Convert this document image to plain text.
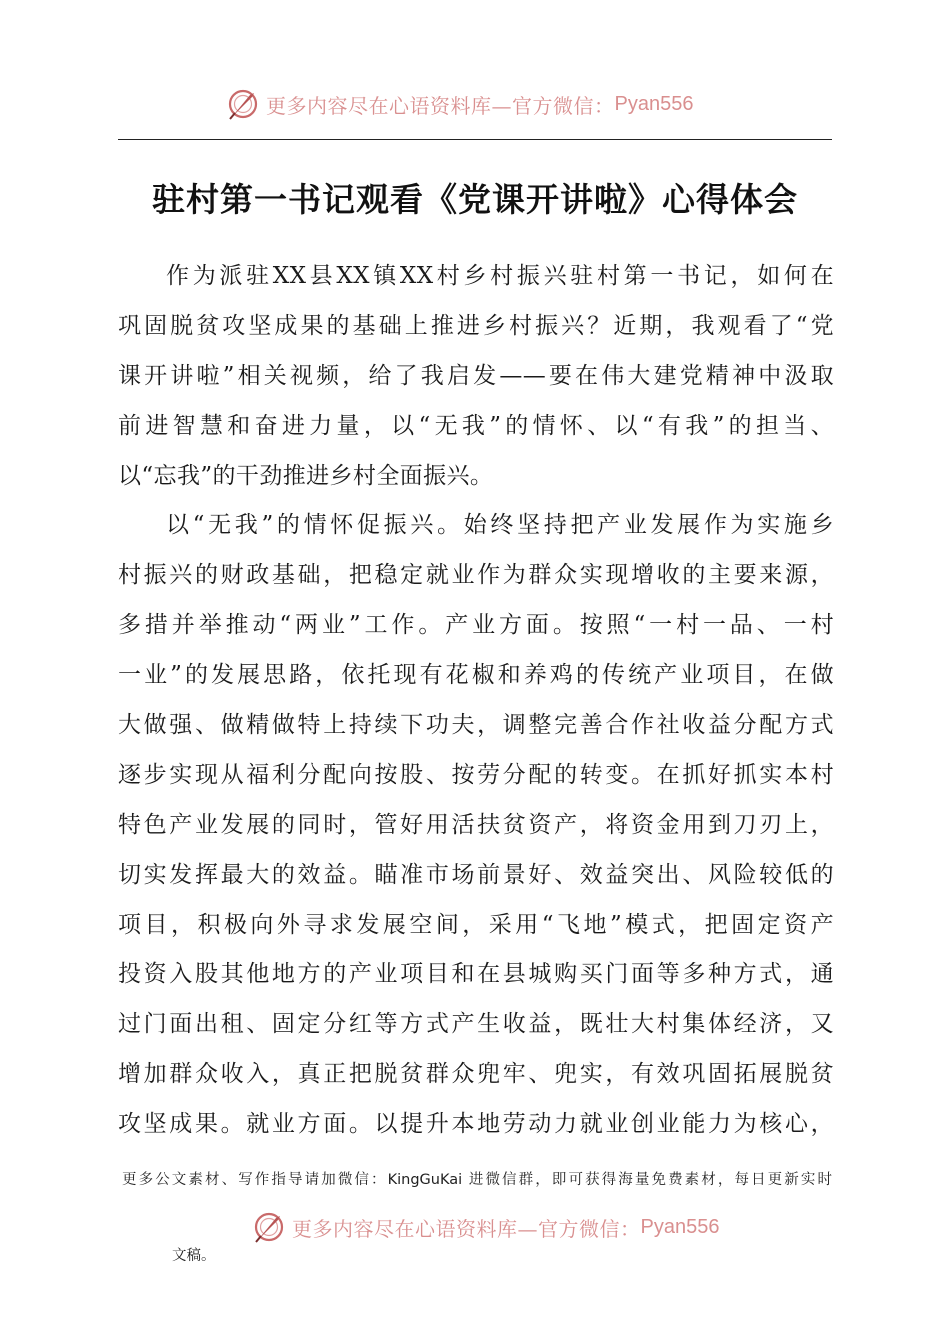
更多内容尽在心语资料库—官方微信： Pyan556
驻村第一书记观看《党课开讲啦》心得体会
作为派驻XX县XX镇XX村乡村振兴驻村第一书记，如何在
巩固脱贫攻坚成果的基础上推进乡村振兴？近期，我观看了“党
课开讲啦”相关视频，给了我启发——要在伟大建党精神中汲取
前进智慧和奋进力量，以“无我”的情怀、以“有我”的担当、
以“忘我”的干劲推进乡村全面振兴。
以“无我”的情怀促振兴。始终坚持把产业发展作为实施乡
村振兴的财政基础，把稳定就业作为群众实现增收的主要来源，
多措并举推动“两业”工作。产业方面。按照“一村一品、一村
一业”的发展思路，依托现有花椒和养鸡的传统产业项目，在做
大做强、做精做特上持续下功夫，调整完善合作社收益分配方式
逐步实现从福利分配向按股、按劳分配的转变。在抓好抓实本村
特色产业发展的同时，管好用活扶贫资产，将资金用到刀刃上，
切实发挥最大的效益。瞄准市场前景好、效益突出、风险较低的
项目，积极向外寻求发展空间，采用“飞地”模式，把固定资产
投资入股其他地方的产业项目和在县城购买门面等多种方式，通
过门面出租、固定分红等方式产生收益，既壮大村集体经济，又
增加群众收入，真正把脱贫群众兜牢、兜实，有效巩固拓展脱贫
攻坚成果。就业方面。以提升本地劳动力就业创业能力为核心，
更多公文素材、写作指导请加微信：KingGuKai 进微信群，即可获得海量免费素材，每日更新实时
更多内容尽在心语资料库—官方微信： Pyan556
文稿。
